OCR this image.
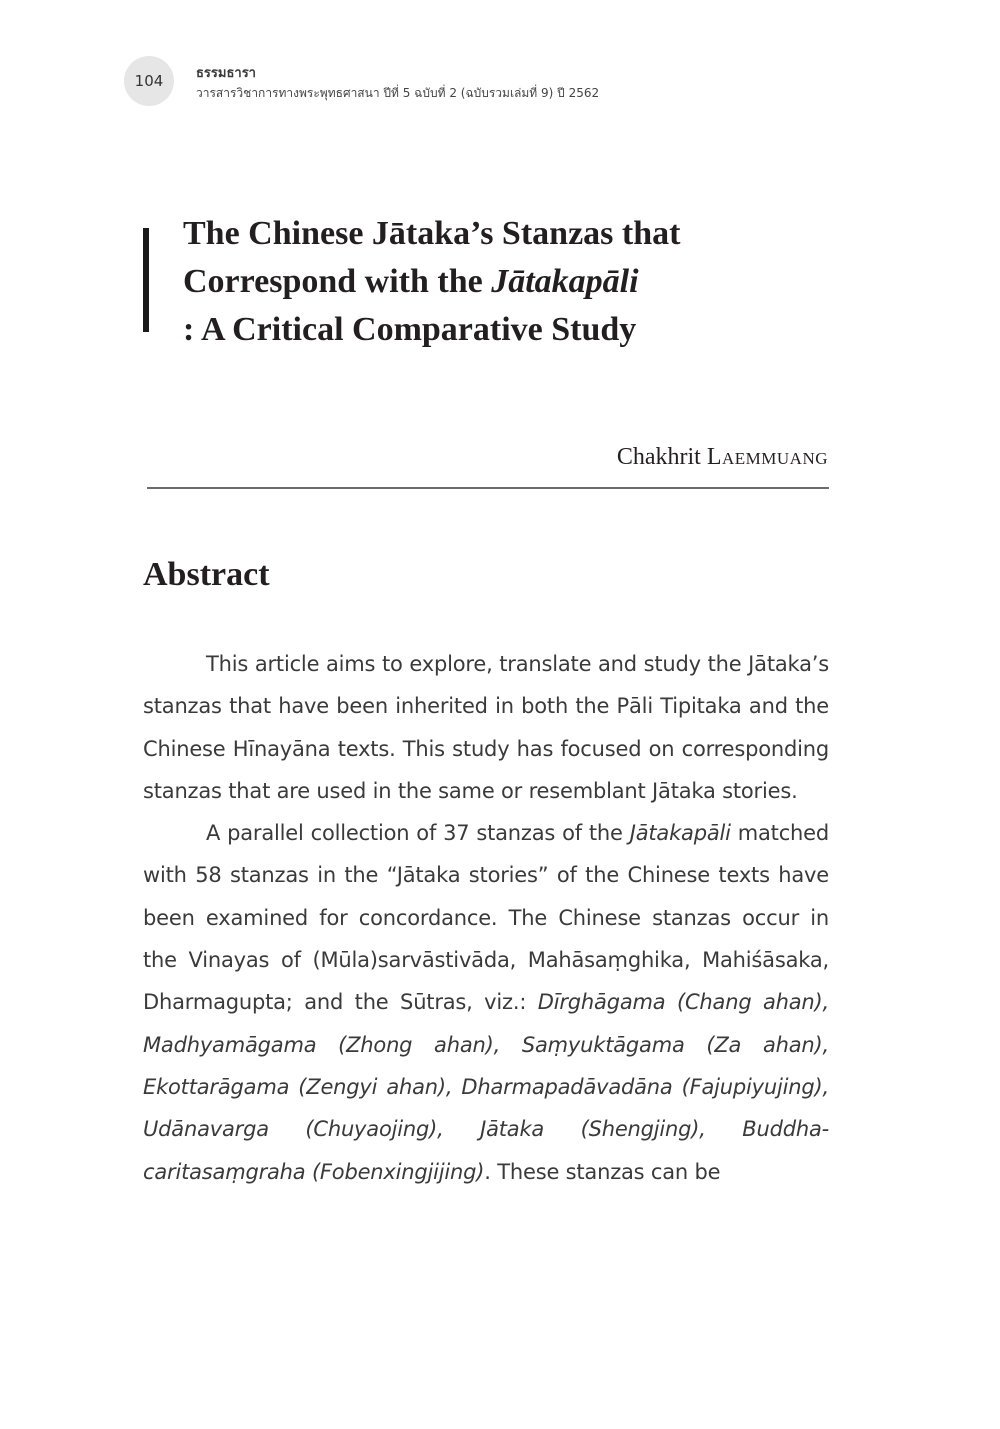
104	ธรรมธารา
วารสารวิชาการทางพระพุทธศาสนา ปีที่ 5 ฉบับที่ 2 (ฉบับรวมเล่มที่ 9) ปี 2562
The Chinese Jātaka’s Stanzas that
Correspond with the Jātakapāli
: A Critical Comparative Study
Chakhrit LAEMMUANG
Abstract

This article aims to explore, translate and study the Jātaka’s stanzas that have been inherited in both the Pāli Tipitaka and the Chinese Hīnayāna texts. This study has focused on corresponding stanzas that are used in the same or resemblant Jātaka stories.

A parallel collection of 37 stanzas of the Jātakapāli matched with 58 stanzas in the “Jātaka stories” of the Chinese texts have been examined for concordance. The Chinese stanzas occur in the Vinayas of (Mūla)sarvāstivāda, Mahāsaṃghika, Mahiśāsaka, Dharmagupta; and the Sūtras, viz.: Dīrghāgama (Chang ahan), Madhyamāgama (Zhong ahan), Saṃyuktāgama (Za ahan), Ekottarāgama (Zengyi ahan), Dharmapadāvadāna (Fajupiyujing), Udānavarga (Chuyaojing), Jātaka (Shengjing), Buddha-caritasaṃgraha (Fobenxingjijing). These stanzas can be
